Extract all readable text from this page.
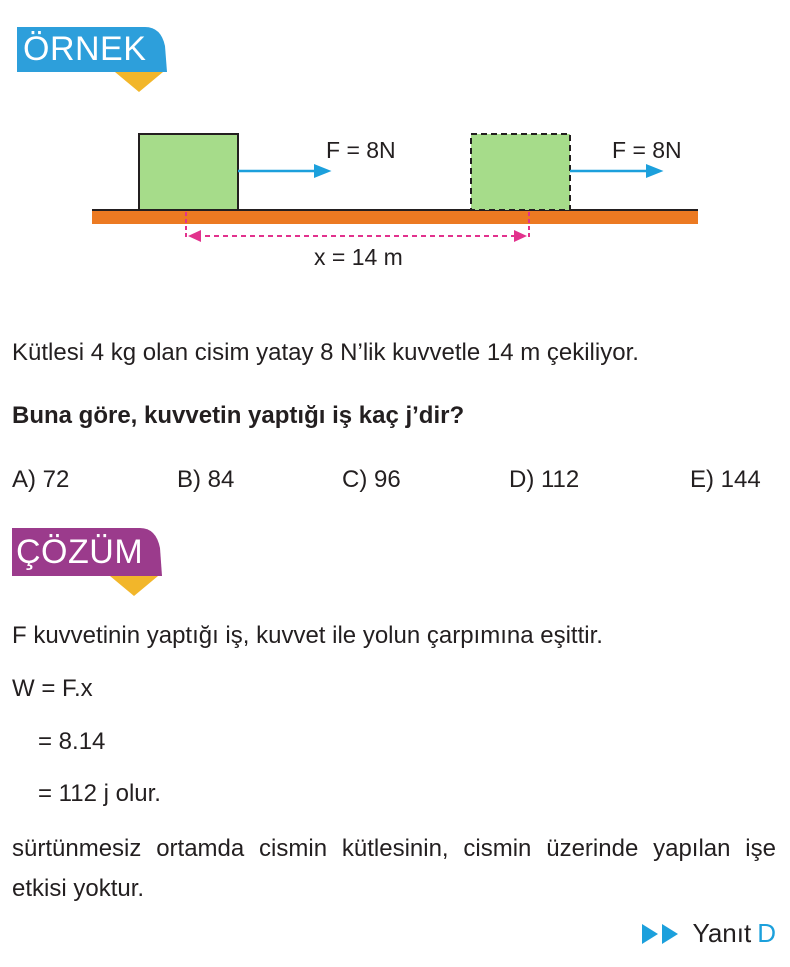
ÖRNEK
F = 8N	F = 8N
x = 14 m
Kütlesi 4 kg olan cisim yatay 8 N’lik kuvvetle 14 m çekiliyor.
Buna göre, kuvvetin yaptığı iş kaç j’dir?
A) 72	B) 84	C) 96	D) 112	E) 144
ÇÖZÜM
F kuvvetinin yaptığı iş, kuvvet ile yolun çarpımına eşittir.
W = F.x
= 8.14
= 112 j olur.
sürtünmesiz ortamda cismin kütlesinin, cismin üzerinde yapılan işe etkisi yoktur.
Yanıt D
